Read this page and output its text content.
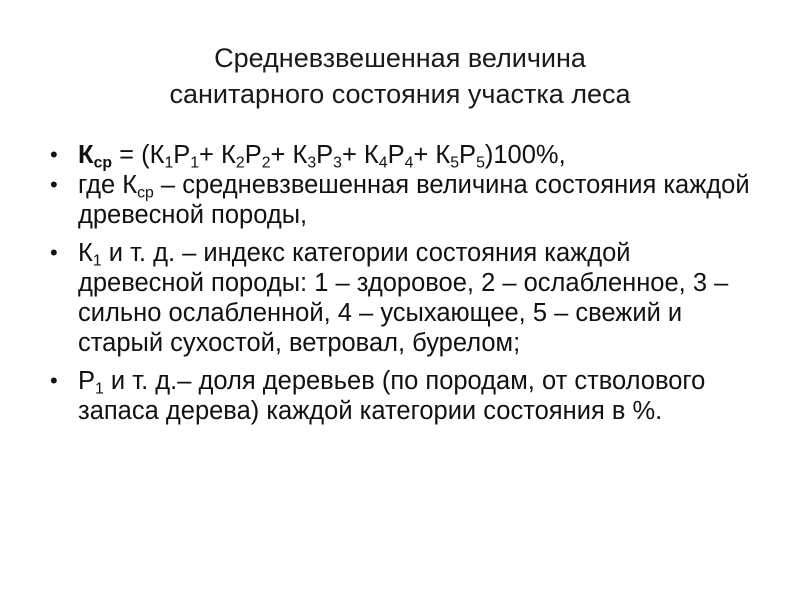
Средневзвешенная величина
санитарного состояния участка леса
• $К_{ср} = (К_1Р_1+ К_2Р_2+ К_3Р_3+ К_4Р_4+ К_5Р_5)100\%$,
• где $К_{ср}$ – средневзвешенная величина состояния каждой древесной породы,
• $К_1$ и т. д. – индекс категории состояния каждой древесной породы: 1 – здоровое, 2 – ослабленное, 3 – сильно ослабленной, 4 – усыхающее, 5 – свежий и старый сухостой, ветровал, бурелом;
• $Р_1$ и т. д.– доля деревьев (по породам, от стволового запаса дерева) каждой категории состояния в %.
